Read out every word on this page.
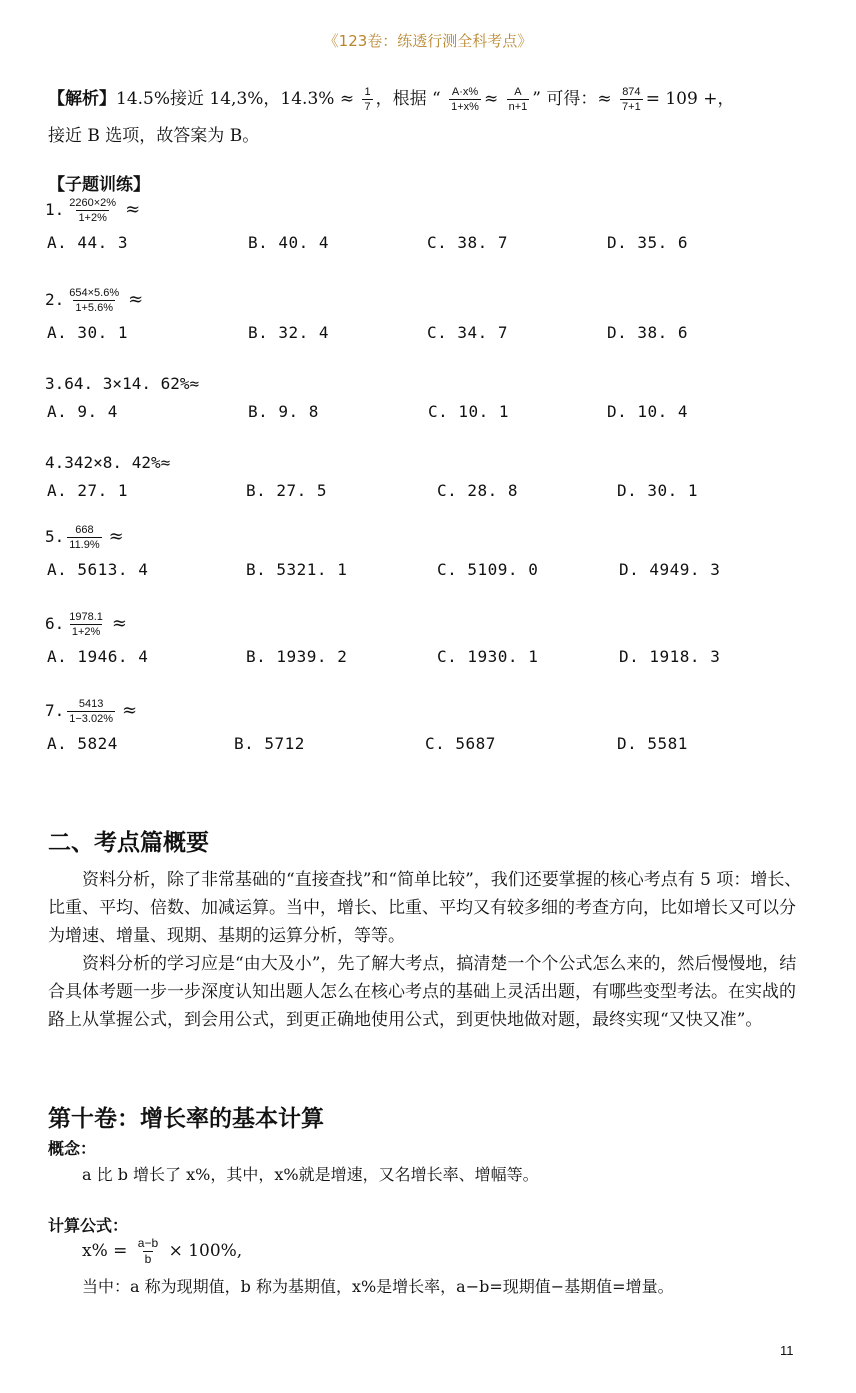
《123卷：练透行测全科考点》
【解析】14.5%接近 14,3%，$14.3\% \approx \frac{1}{7}$ ，根据 “ $\frac{A\cdot x\%}{1+x\%} \approx \frac{A}{n+1}$ ” 可得：≈ $\frac{874}{7+1} = 109$ +，
接近 B 选项，故答案为 B。
【子题训练】
1. $\frac{2260\times 2\%}{1+2\%}$ ≈
A. 44. 3	B. 40. 4	C. 38. 7	D. 35. 6
2. $\frac{654\times 5.6\%}{1+5.6\%}$ ≈
A. 30. 1	B. 32. 4	C. 34. 7	D. 38. 6
3.64. 3×14. 62%≈
A. 9. 4	B. 9. 8	C. 10. 1	D. 10. 4
4.342×8. 42%≈
A. 27. 1	B. 27. 5	C. 28. 8	D. 30. 1
5. $\frac{668}{11.9\%}$ ≈
A. 5613. 4	B. 5321. 1	C. 5109. 0	D. 4949. 3
6. $\frac{1978.1}{1+2\%}$ ≈
A. 1946. 4	B. 1939. 2	C. 1930. 1	D. 1918. 3
7. $\frac{5413}{1-3.02\%}$ ≈
A. 5824	B. 5712	C. 5687	D. 5581
二、考点篇概要
资料分析，除了非常基础的“直接查找”和“简单比较”，我们还要掌握的核心考点有 5 项：增长、比重、平均、倍数、加减运算。当中，增长、比重、平均又有较多细的考查方向，比如增长又可以分为增速、增量、现期、基期的运算分析，等等。
资料分析的学习应是“由大及小”，先了解大考点，搞清楚一个个公式怎么来的，然后慢慢地，结合具体考题一步一步深度认知出题人怎么在核心考点的基础上灵活出题，有哪些变型考法。在实战的路上从掌握公式，到会用公式，到更正确地使用公式，到更快地做对题，最终实现“又快又准”。
第十卷：增长率的基本计算
概念：
a 比 b 增长了 x%，其中，x%就是增速，又名增长率、增幅等。
计算公式：
$x\% = \frac{a-b}{b} \times 100\%$,
当中：a 称为现期值，b 称为基期值，x%是增长率，a−b=现期值−基期值=增量。
11
